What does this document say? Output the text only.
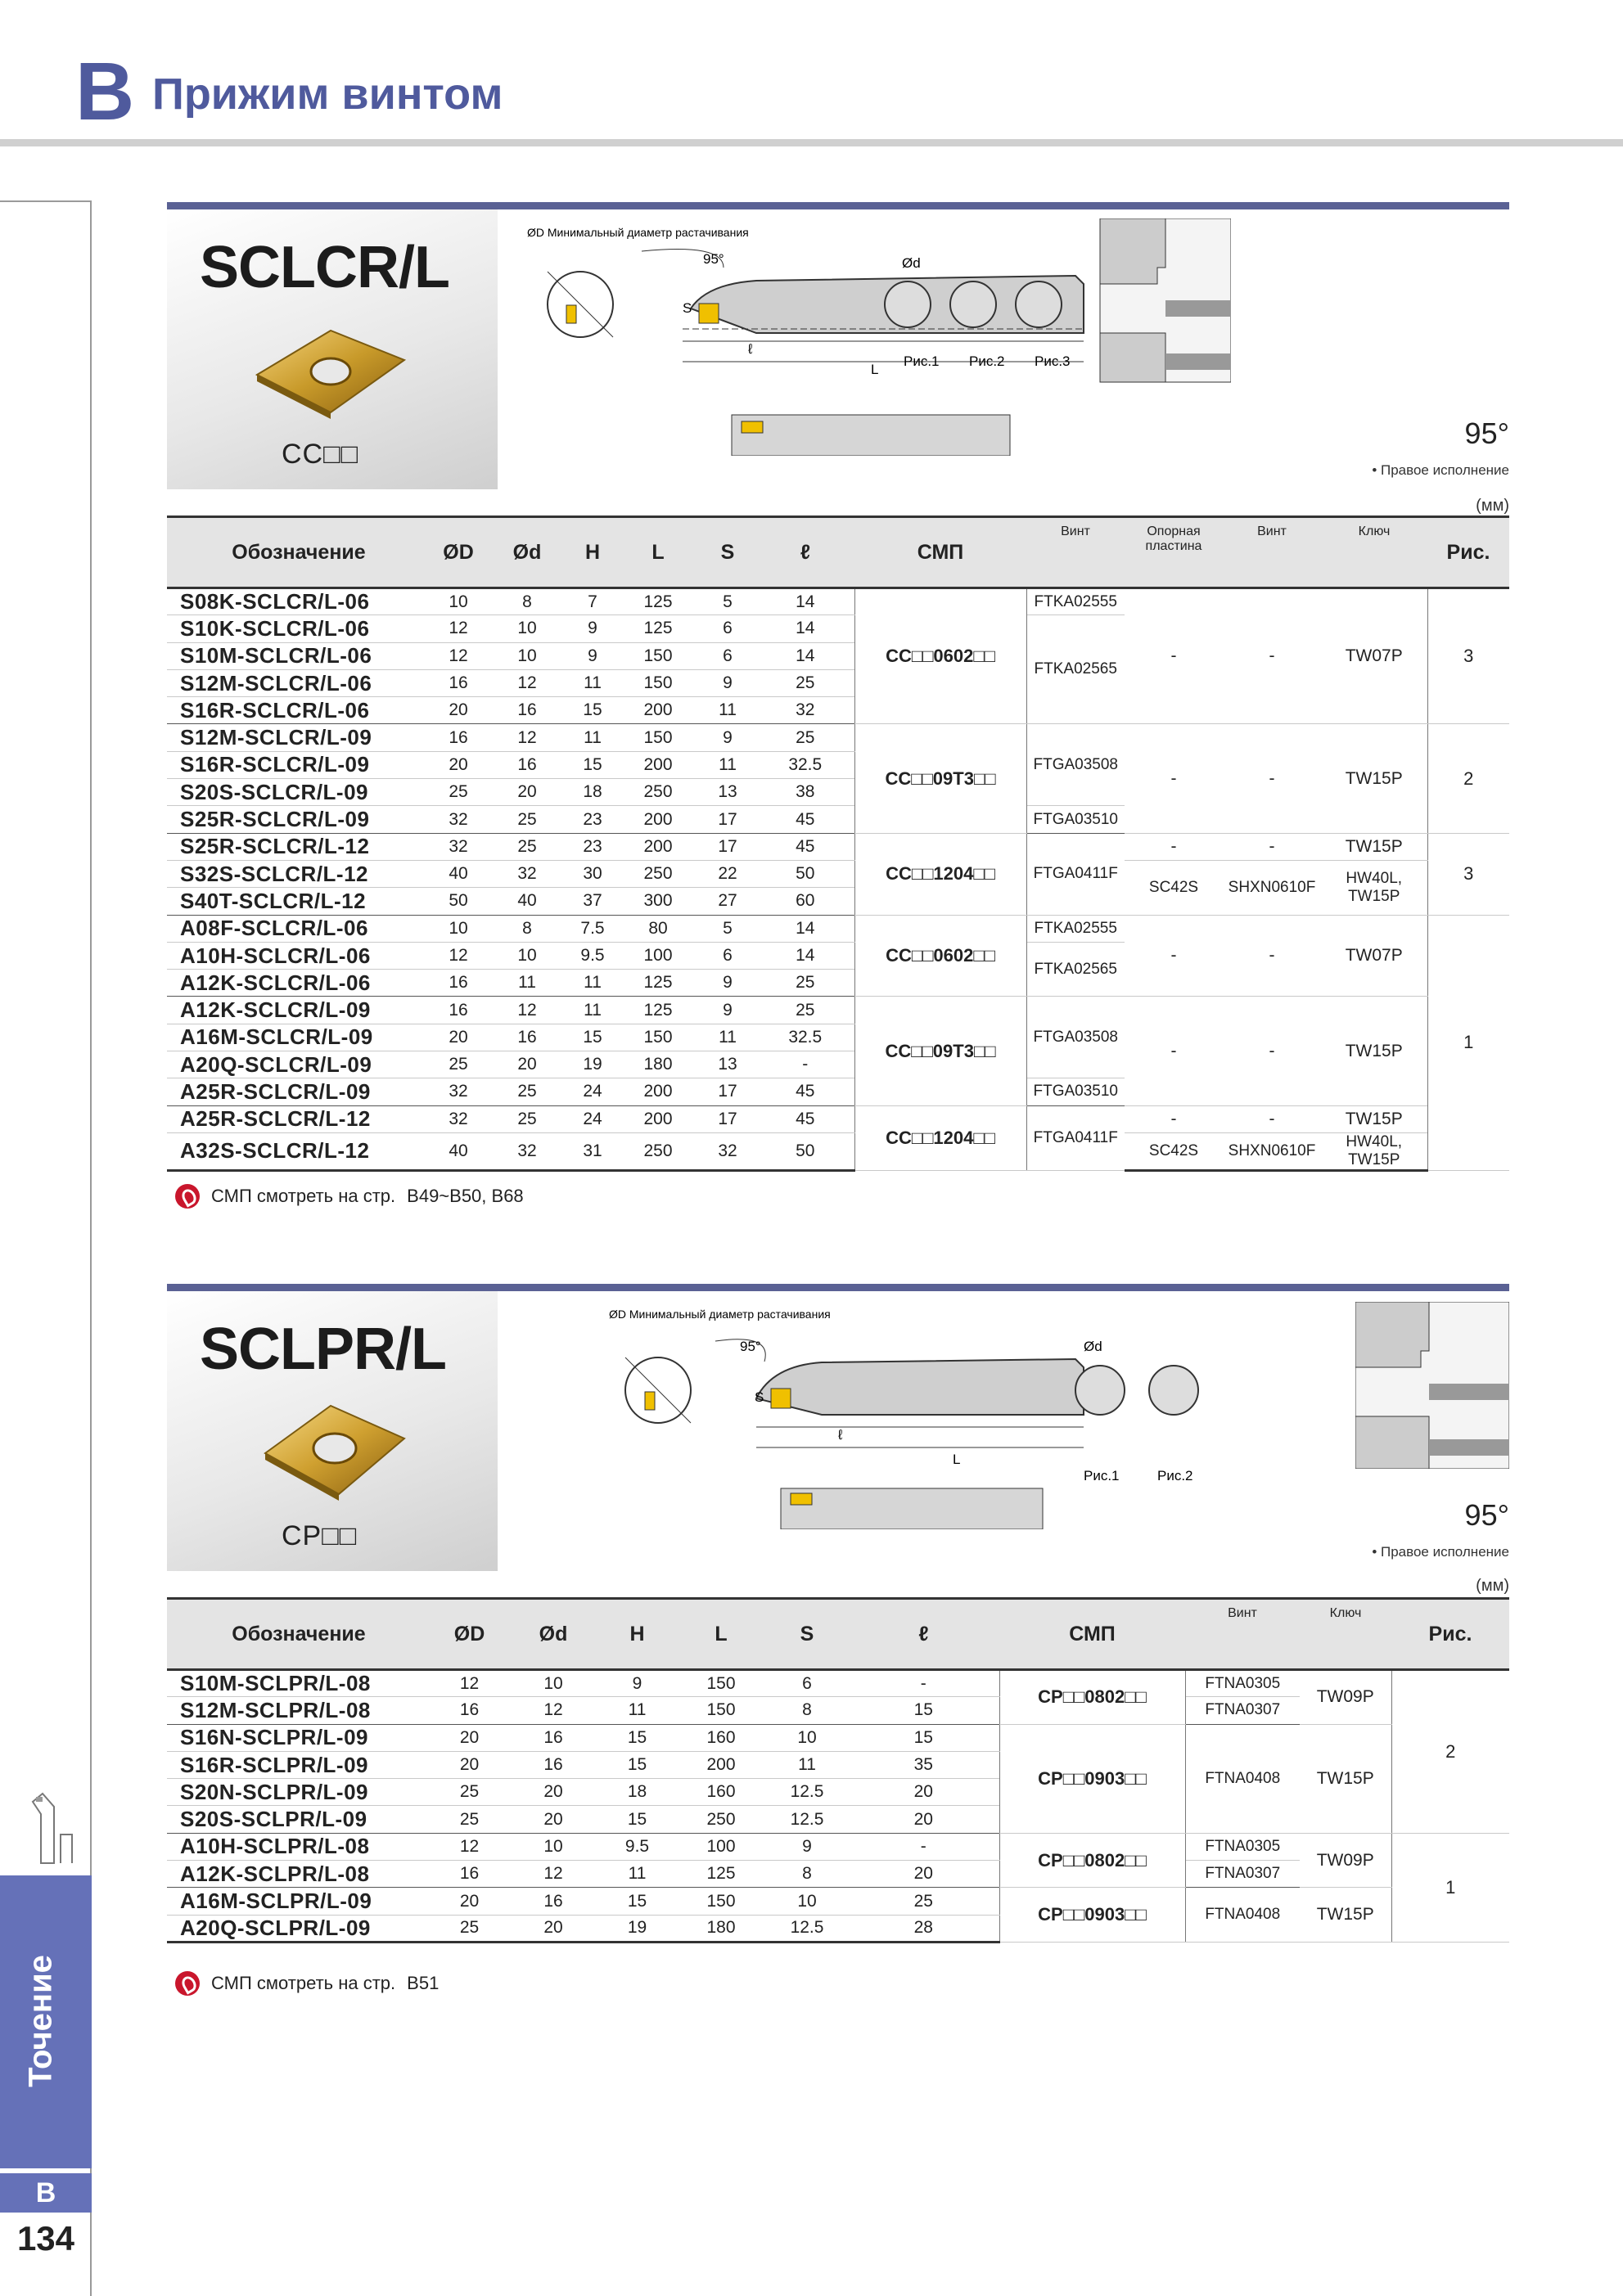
B Прижим винтом
Точение
B
134
SCLCR/L
CC□□
95°
ØD Минимальный диаметр растачивания
Ød
S
ℓ
L
Рис.1 Рис.2 Рис.3
95°
• Правое исполнение
(мм)
Обозначение	ØD	Ød	H	L	S	ℓ	СМП	Винт	Опорная пластина	Винт	Ключ	Рис.
S08K-SCLCR/L-06	10	8	7	125	5	14	CC□□0602□□	FTKA02555	-	-	TW07P	3
S10K-SCLCR/L-06	12	10	9	125	6	14		FTKA02565				
S10M-SCLCR/L-06	12	10	9	150	6	14						
S12M-SCLCR/L-06	16	12	11	150	9	25						
S16R-SCLCR/L-06	20	16	15	200	11	32						
S12M-SCLCR/L-09	16	12	11	150	9	25	CC□□09T3□□	FTGA03508	-	-	TW15P	2
S16R-SCLCR/L-09	20	16	15	200	11	32.5						
S20S-SCLCR/L-09	25	20	18	250	13	38						
S25R-SCLCR/L-09	32	25	23	200	17	45		FTGA03510				
S25R-SCLCR/L-12	32	25	23	200	17	45	CC□□1204□□	FTGA0411F	-	-	TW15P	3
S32S-SCLCR/L-12	40	32	30	250	22	50			SC42S	SHXN0610F	HW40L, TW15P	
S40T-SCLCR/L-12	50	40	37	300	27	60						
A08F-SCLCR/L-06	10	8	7.5	80	5	14	CC□□0602□□	FTKA02555	-	-	TW07P	1
A10H-SCLCR/L-06	12	10	9.5	100	6	14		FTKA02565				
A12K-SCLCR/L-06	16	11	11	125	9	25						
A12K-SCLCR/L-09	16	12	11	125	9	25	CC□□09T3□□	FTGA03508	-	-	TW15P	
A16M-SCLCR/L-09	20	16	15	150	11	32.5						
A20Q-SCLCR/L-09	25	20	19	180	13	-						
A25R-SCLCR/L-09	32	25	24	200	17	45		FTGA03510				
A25R-SCLCR/L-12	32	25	24	200	17	45	CC□□1204□□	FTGA0411F	-	-	TW15P	
A32S-SCLCR/L-12	40	32	31	250	32	50			SC42S	SHXN0610F	HW40L, TW15P	
СМП смотреть на стр. B49~B50, B68
SCLPR/L
CP□□
95°
ØD Минимальный диаметр растачивания
Ød
S
ℓ
L
Рис.1	Рис.2
95°
• Правое исполнение
(мм)
Обозначение	ØD	Ød	H	L	S	ℓ	СМП	Винт	Ключ	Рис.
S10M-SCLPR/L-08	12	10	9	150	6	-	CP□□0802□□	FTNA0305	TW09P	2
S12M-SCLPR/L-08	16	12	11	150	8	15		FTNA0307		
S16N-SCLPR/L-09	20	16	15	160	10	15	CP□□0903□□	FTNA0408	TW15P	
S16R-SCLPR/L-09	20	16	15	200	11	35				
S20N-SCLPR/L-09	25	20	18	160	12.5	20				
S20S-SCLPR/L-09	25	20	15	250	12.5	20				
A10H-SCLPR/L-08	12	10	9.5	100	9	-	CP□□0802□□	FTNA0305	TW09P	1
A12K-SCLPR/L-08	16	12	11	125	8	20		FTNA0307		
A16M-SCLPR/L-09	20	16	15	150	10	25	CP□□0903□□	FTNA0408	TW15P	
A20Q-SCLPR/L-09	25	20	19	180	12.5	28				
СМП смотреть на стр. B51
